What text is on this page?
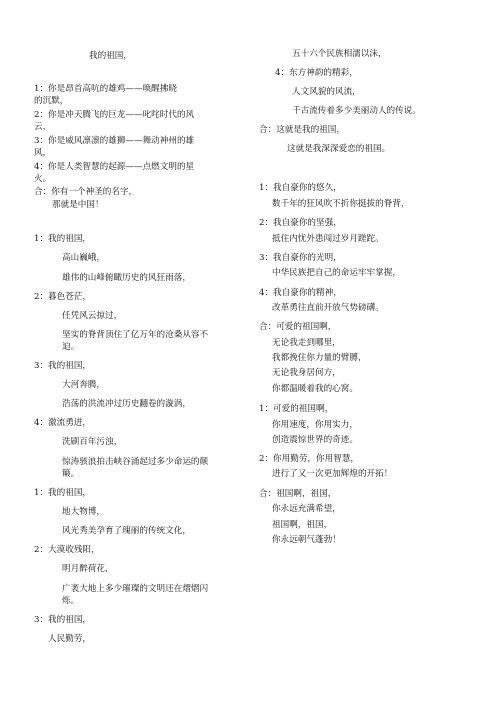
我的祖国，
1：你是昂首高吭的雄鸡——唤醒拂晓
的沉默，
2：你是冲天腾飞的巨龙——叱咤时代的风
云，
3：你是威风凛凛的雄狮——舞动神州的雄
风，
4：你是人类智慧的起源——点燃文明的星
火。
合：你有一个神圣的名字，
那就是中国！
1：我的祖国，
高山巍峨，
雄伟的山峰俯瞰历史的风狂雨落，
2：暮色苍茫，
任凭风云掠过，
坚实的脊背顶住了亿万年的沧桑从容不
迫。
3：我的祖国，
大河奔腾，
浩荡的洪流冲过历史翻卷的漩涡，
4：激流勇进，
洗刷百年污浊，
惊涛骇浪拍击峡谷涌起过多少命运的颠
簸。
1：我的祖国，
地大物博，
风光秀美孕育了瑰丽的传统文化，
2：大漠收残阳，
明月醉荷花，
广袤大地上多少璀璨的文明还在熠熠闪
烁。
3：我的祖国，
人民勤劳，
五十六个民族相濡以沫，
4：东方神韵的精彩，
人文风貌的风流，
千古流传着多少美丽动人的传说。
合：这就是我的祖国，
这就是我深深爱恋的祖国。
1：我自豪你的悠久，
数千年的狂风吹不折你挺拔的脊背，
2：我自豪你的坚强，
抵住内忧外患闯过岁月蹉跎。
3：我自豪你的光明，
中华民族把自己的命运牢牢掌握，
4：我自豪你的精神，
改革勇往直前开放气势磅礴。
合：可爱的祖国啊，
无论我走到哪里，
我都挽住你力量的臂膊，
无论我身居何方，
你都温暖着我的心窝。
1：可爱的祖国啊，
你用速度，你用实力，
创造震惊世界的奇迹。
2：你用勤劳，你用智慧，
进行了又一次更加辉煌的开拓！
合：祖国啊，祖国，
你永远充满希望，
祖国啊，祖国，
你永远朝气蓬勃！
